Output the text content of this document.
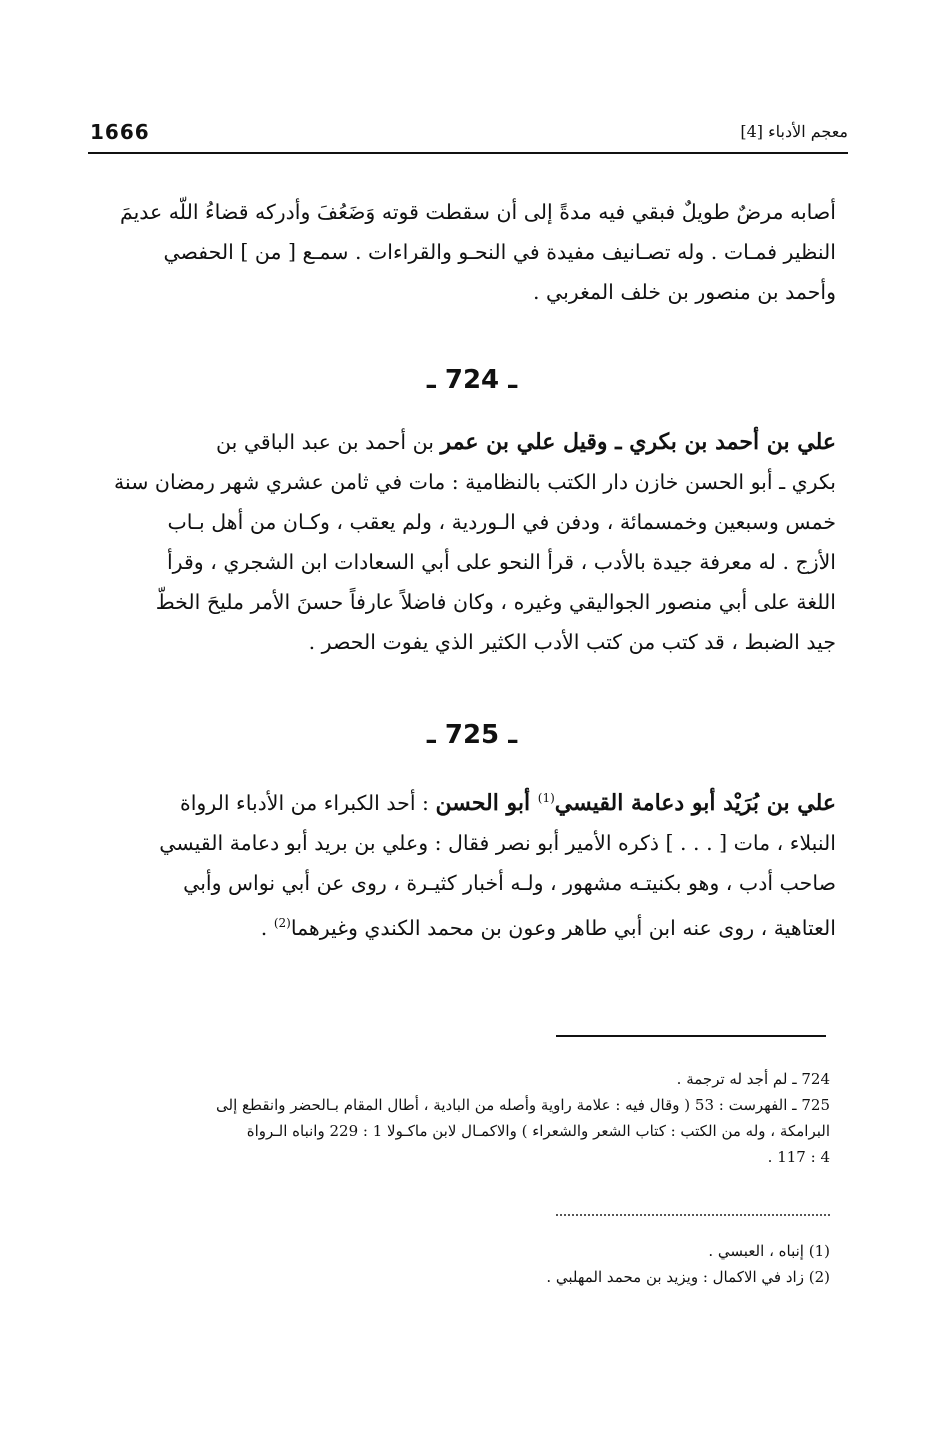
1666	معجم الأدباء [4]

أصابه مرضٌ طويلٌ فبقي فيه مدةً إلى أن سقطت قوته وَضَعُفَ وأدركه قضاءُ اللّه عديمَ

النظير فمـات . وله تصـانيف مفيدة في النحـو والقراءات . سمـع [ من ] الحفصي

وأحمد بن منصور بن خلف المغربي .

ـ 724 ـ

علي بن أحمد بن بكري ـ وقيل علي بن عمر بن أحمد بن عبد الباقي بن

بكري ـ أبو الحسن خازن دار الكتب بالنظامية : مات في ثامن عشري شهر رمضان سنة

خمس وسبعين وخمسمائة ، ودفن في الـوردية ، ولم يعقب ، وكـان من أهل بـاب

الأزج . له معرفة جيدة بالأدب ، قرأ النحو على أبي السعادات ابن الشجري ، وقرأ

اللغة على أبي منصور الجواليقي وغيره ، وكان فاضلاً عارفاً حسنَ الأمر مليحَ الخطّ

جيد الضبط ، قد كتب من كتب الأدب الكثير الذي يفوت الحصر .

ـ 725 ـ

علي بن بُرَيْد أبو دعامة القيسي$^{(1)}$ أبو الحسن : أحد الكبراء من الأدباء الرواة

النبلاء ، مات [ . . . ] ذكره الأمير أبو نصر فقال : وعلي بن بريد أبو دعامة القيسي

صاحب أدب ، وهو بكنيتـه مشهور ، ولـه أخبار كثيـرة ، روى عن أبي نواس وأبي

العتاهية ، روى عنه ابن أبي طاهر وعون بن محمد الكندي وغيرهما$^{(2)}$ .

724 ـ لم أجد له ترجمة .

725 ـ الفهرست : 53 ( وقال فيه : علامة راوية وأصله من البادية ، أطال المقام بـالحضر وانقطع إلى

البرامكة ، وله من الكتب : كتاب الشعر والشعراء ) والاكمـال لابن ماكـولا 1 : 229 وانباه الـرواة

4 : 117 .

(1) إنباه ، العبسي .

(2) زاد في الاكمال : ويزيد بن محمد المهلبي .
